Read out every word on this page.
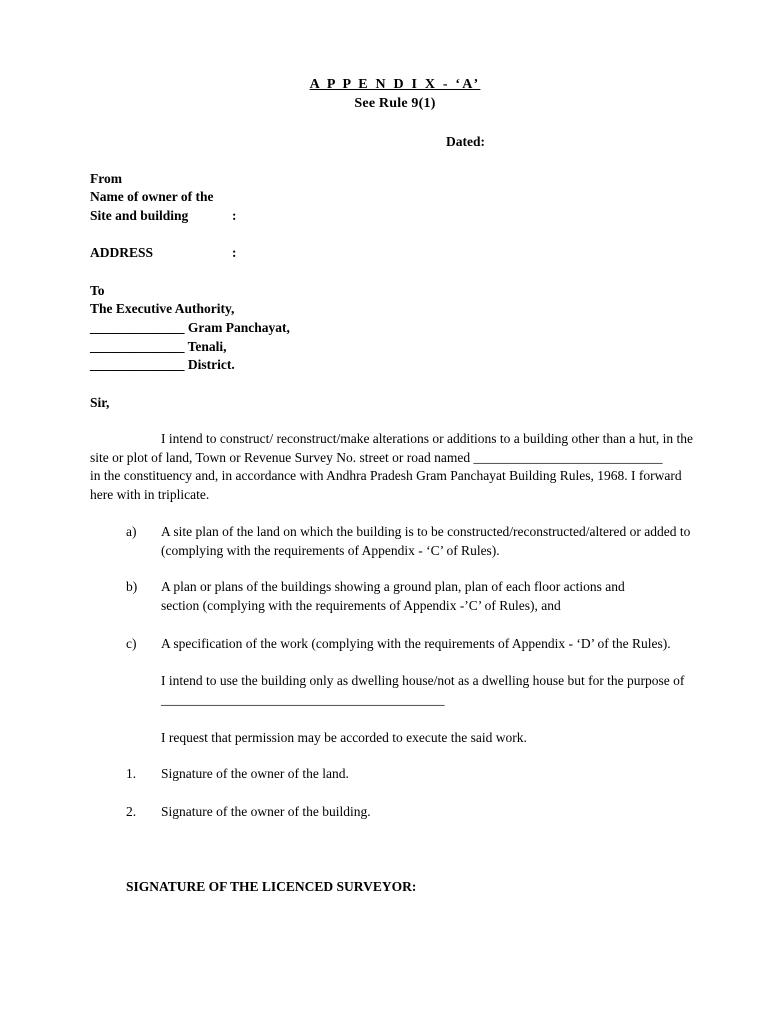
A P P E N D I X - ‘A’
See Rule 9(1)
Dated:
From
Name of owner of the
Site and building	:
ADDRESS	:
To
The Executive Authority,
______________ Gram Panchayat,
______________ Tenali,
______________ District.
Sir,
I intend to construct/ reconstruct/make alterations or additions to a building other than a hut, in the
site or plot of land, Town or Revenue Survey No. street or road named ____________________________
in the constituency and, in accordance with Andhra Pradesh Gram Panchayat Building Rules, 1968. I forward
here with in triplicate.
a) A site plan of the land on which the building is to be constructed/reconstructed/altered or added to
(complying with the requirements of Appendix - ‘C’ of Rules).
b) A plan or plans of the buildings showing a ground plan, plan of each floor actions and
section (complying with the requirements of Appendix -’C’ of Rules), and
c) A specification of the work (complying with the requirements of Appendix - ‘D’ of the Rules).
I intend to use the building only as dwelling house/not as a dwelling house but for the purpose of
__________________________________________
I request that permission may be accorded to execute the said work.
1. Signature of the owner of the land.
2. Signature of the owner of the building.
SIGNATURE OF THE LICENCED SURVEYOR:
